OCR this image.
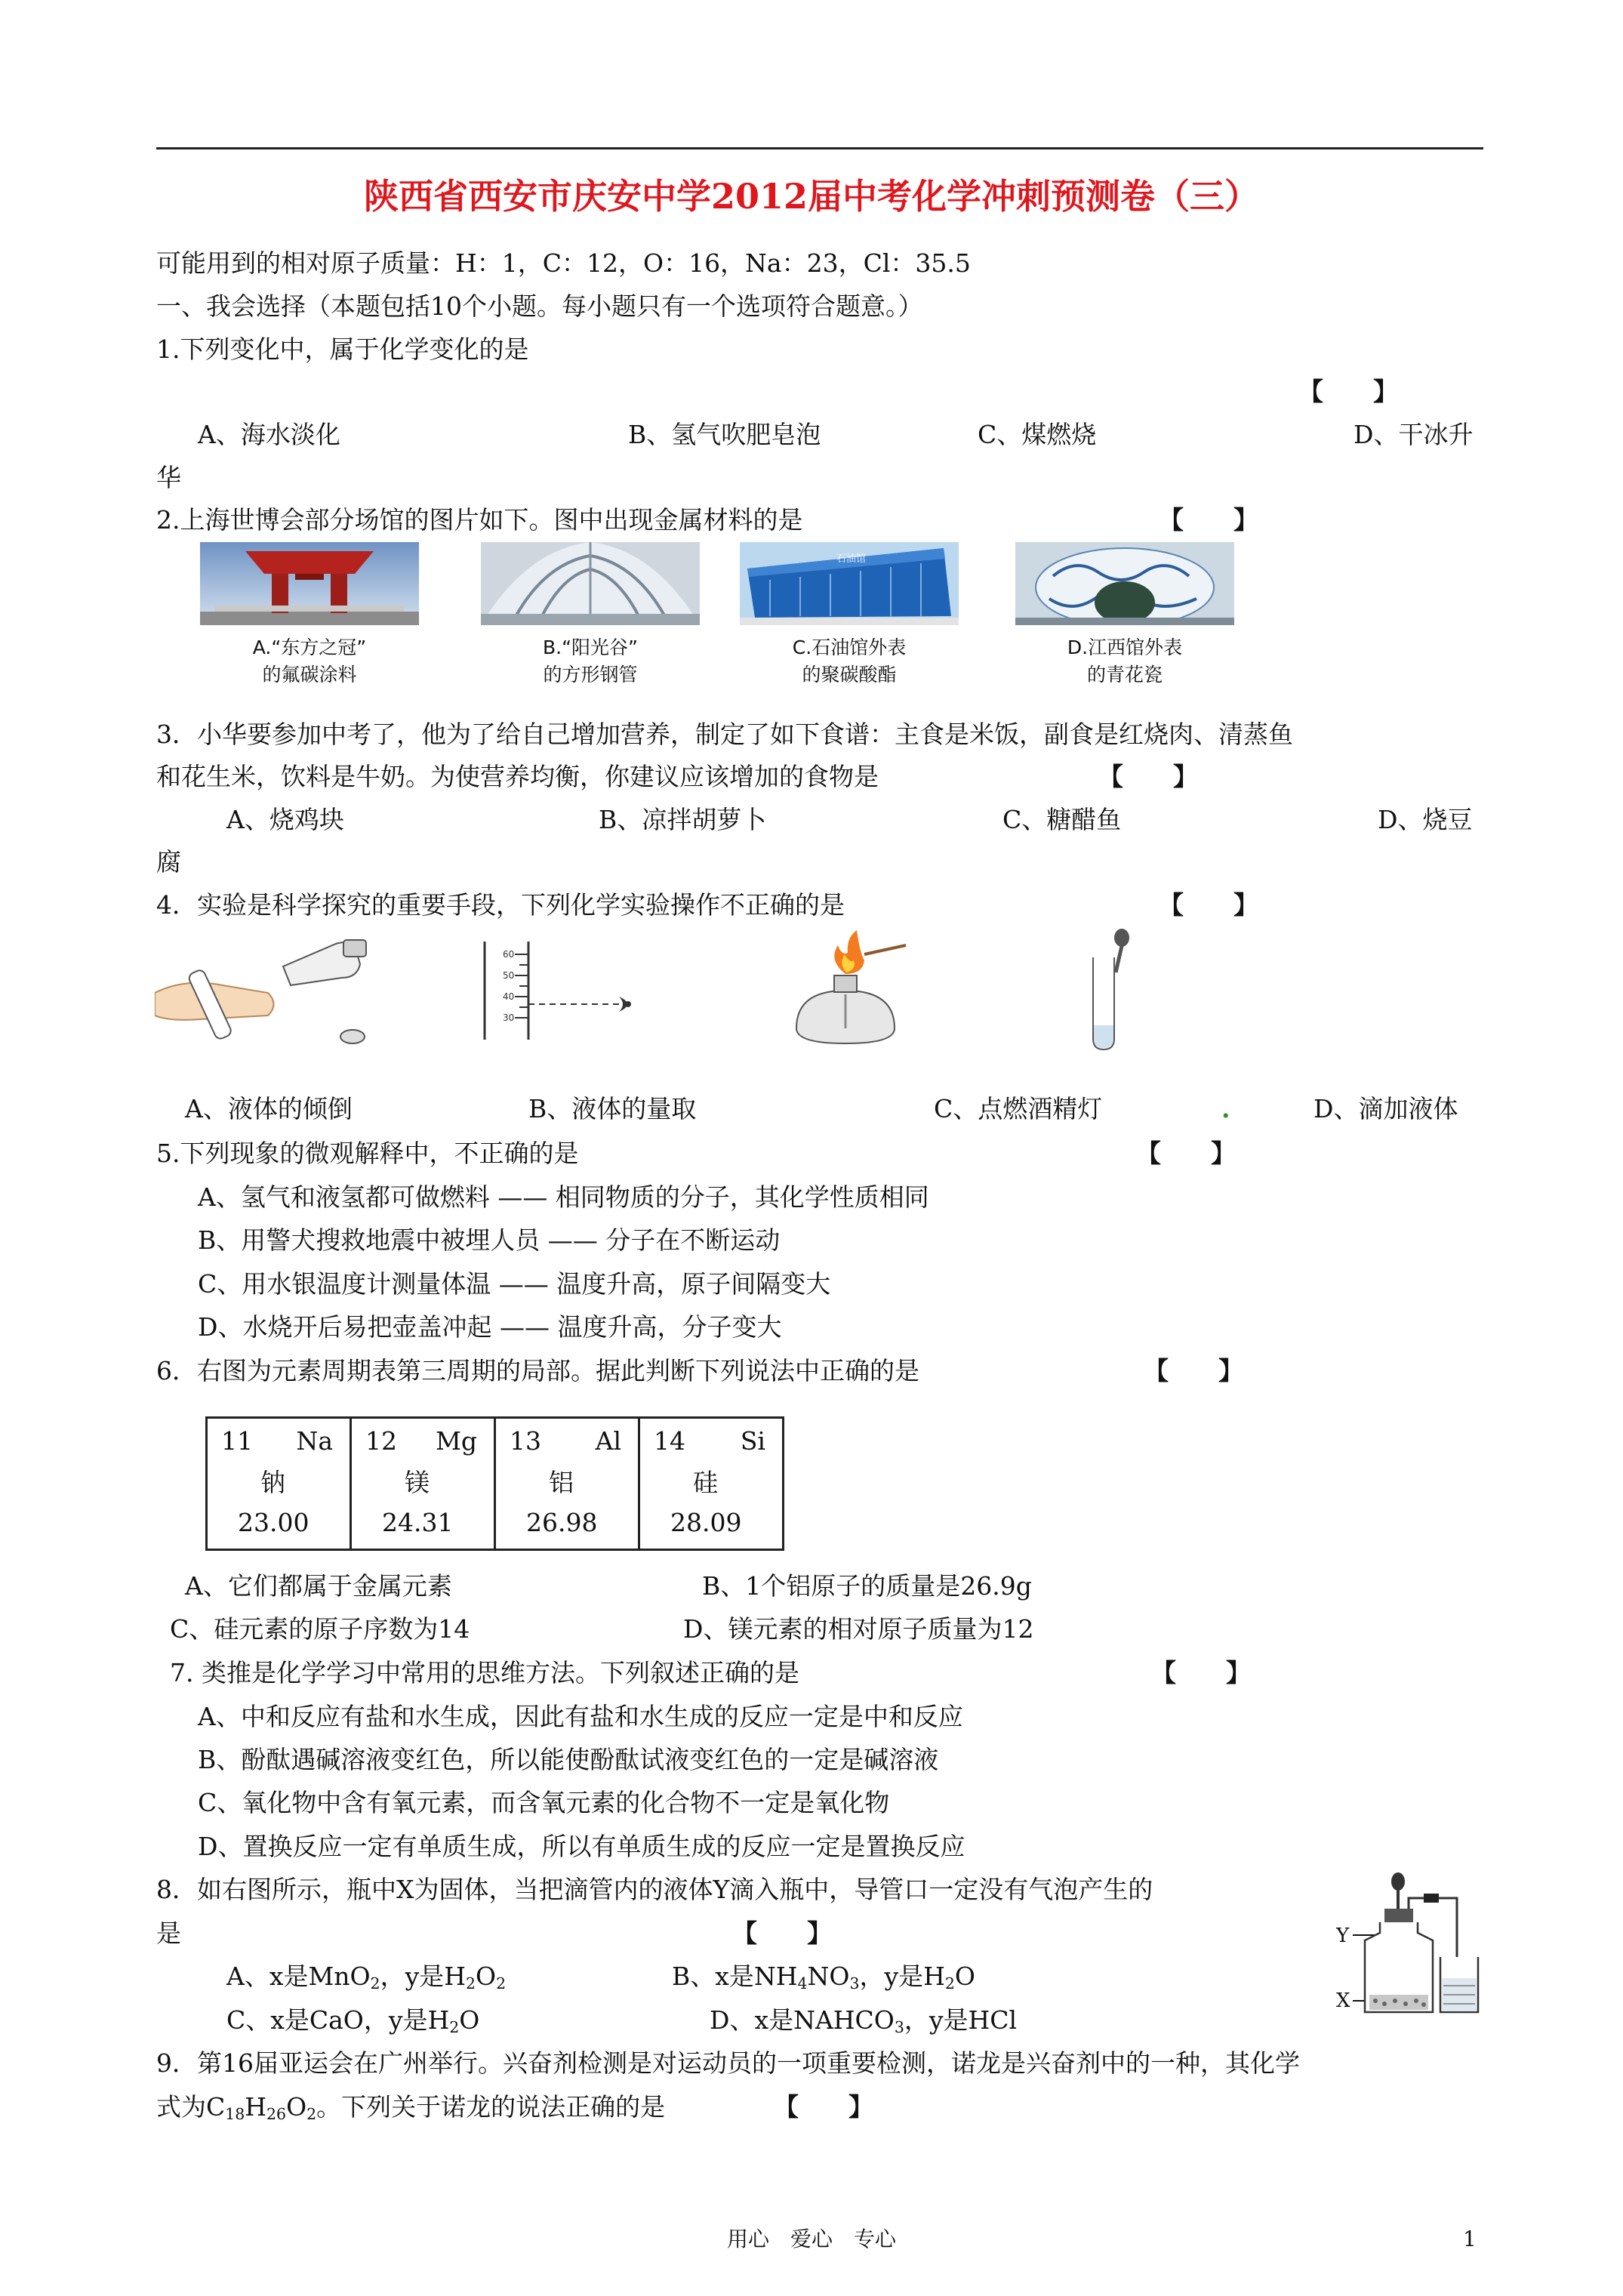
陕西省西安市庆安中学2012届中考化学冲刺预测卷（三）
可能用到的相对原子质量：H：1，C：12，O：16，Na：23，Cl：35.5
一、我会选择（本题包括10个小题。每小题只有一个选项符合题意。）
1.下列变化中，属于化学变化的是
【　　】
A、海水淡化	B、氢气吹肥皂泡	C、煤燃烧	D、干冰升
华
2.上海世博会部分场馆的图片如下。图中出现金属材料的是	【　　】
石油馆
A.“东方之冠”
的氟碳涂料
B.“阳光谷”
的方形钢管
C.石油馆外表
的聚碳酸酯
D.江西馆外表
的青花瓷
3．小华要参加中考了，他为了给自己增加营养，制定了如下食谱：主食是米饭，副食是红烧肉、清蒸鱼
和花生米，饮料是牛奶。为使营养均衡，你建议应该增加的食物是	【　　】
A、烧鸡块	B、凉拌胡萝卜	C、糖醋鱼	D、烧豆
腐
4．实验是科学探究的重要手段，下列化学实验操作不正确的是	【　　】
60
50
40
30
A、液体的倾倒	B、液体的量取	C、点燃酒精灯	.	D、滴加液体
5.下列现象的微观解释中，不正确的是	【　　】
A、氢气和液氢都可做燃料 —— 相同物质的分子，其化学性质相同
B、用警犬搜救地震中被埋人员 —— 分子在不断运动
C、用水银温度计测量体温 —— 温度升高，原子间隔变大
D、水烧开后易把壶盖冲起 —— 温度升高，分子变大
6．右图为元素周期表第三周期的局部。据此判断下列说法中正确的是	【　　】
11 Na
钠
23.00

12 Mg
镁
24.31

13 Al
铝
26.98

14 Si
硅
28.09
A、它们都属于金属元素	B、1个铝原子的质量是26.9g
C、硅元素的原子序数为14	D、镁元素的相对原子质量为12
7. 类推是化学学习中常用的思维方法。下列叙述正确的是	【　　】
A、中和反应有盐和水生成，因此有盐和水生成的反应一定是中和反应
B、酚酞遇碱溶液变红色，所以能使酚酞试液变红色的一定是碱溶液
C、氧化物中含有氧元素，而含氧元素的化合物不一定是氧化物
D、置换反应一定有单质生成，所以有单质生成的反应一定是置换反应
8．如右图所示，瓶中X为固体，当把滴管内的液体Y滴入瓶中，导管口一定没有气泡产生的
是	【　　】
A、x是MnO$_2$，y是$H_2O_2$	B、x是$NH_4NO_3$，y是$H_2O$
C、x是CaO，y是$H_2O$	D、x是$NAHCO_3$，y是HCl
Y
X
9．第16届亚运会在广州举行。兴奋剂检测是对运动员的一项重要检测，诺龙是兴奋剂中的一种，其化学
式为$C_{18}H_{26}O_2$。下列关于诺龙的说法正确的是	【　　】
用心　爱心　专心	1
